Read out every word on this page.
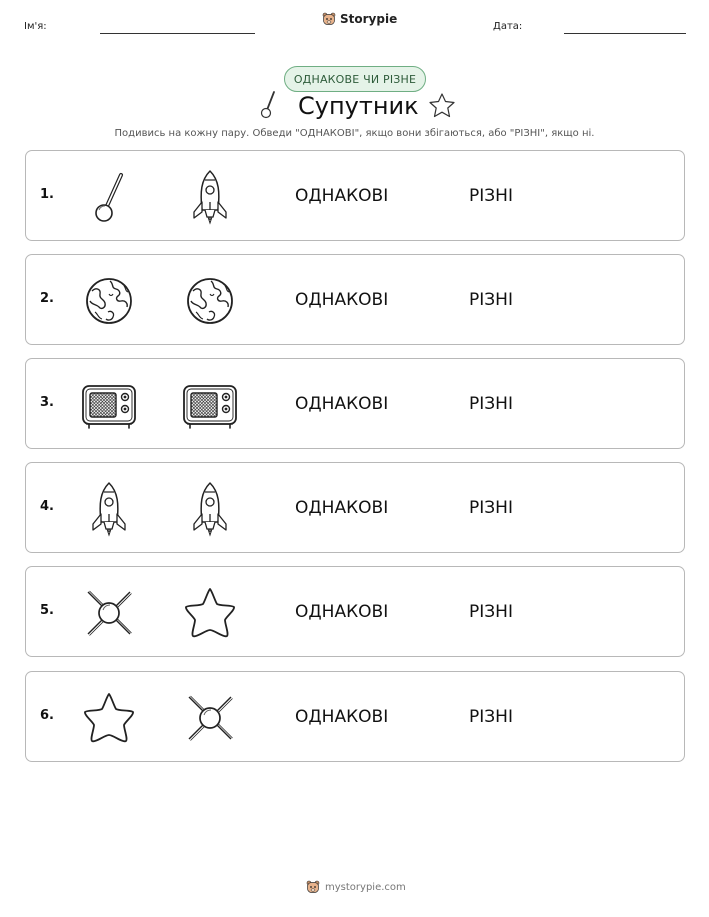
Ім'я:
Storypie
Дата:
ОДНАКОВЕ ЧИ РІЗНЕ
Супутник
Подивись на кожну пару. Обведи "ОДНАКОВІ", якщо вони збігаються, або "РІЗНІ", якщо ні.
1.	ОДНАКОВІ	РІЗНІ
2.	ОДНАКОВІ	РІЗНІ
3.	ОДНАКОВІ	РІЗНІ
4.	ОДНАКОВІ	РІЗНІ
5.	ОДНАКОВІ	РІЗНІ
6.	ОДНАКОВІ	РІЗНІ
mystorypie.com
